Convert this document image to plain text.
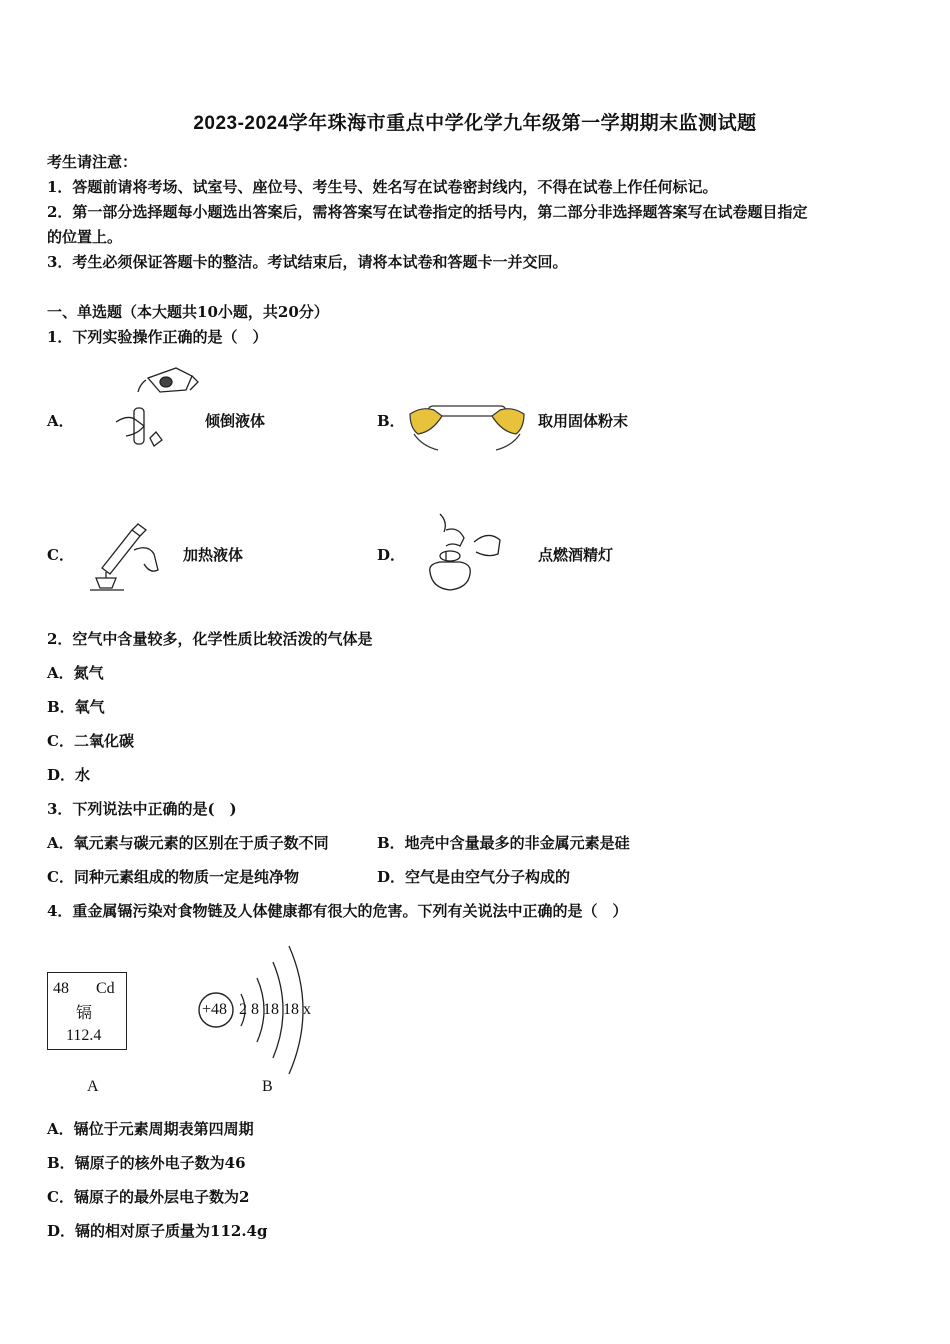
2023-2024学年珠海市重点中学化学九年级第一学期期末监测试题
考生请注意：
1．答题前请将考场、试室号、座位号、考生号、姓名写在试卷密封线内，不得在试卷上作任何标记。
2．第一部分选择题每小题选出答案后，需将答案写在试卷指定的括号内，第二部分非选择题答案写在试卷题目指定
的位置上。
3．考生必须保证答题卡的整洁。考试结束后，请将本试卷和答题卡一并交回。
一、单选题（本大题共10小题，共20分）
1．下列实验操作正确的是（　）
A．	倾倒液体	B．	取用固体粉末
C．	加热液体	D．	点燃酒精灯
2．空气中含量较多，化学性质比较活泼的气体是
A．氮气
B．氧气
C．二氧化碳
D．水
3．下列说法中正确的是(　)
A．氧元素与碳元素的区别在于质子数不同	B．地壳中含量最多的非金属元素是硅
C．同种元素组成的物质一定是纯净物	D．空气是由空气分子构成的
4．重金属镉污染对食物链及人体健康都有很大的危害。下列有关说法中正确的是（　）
48 Cd
镉
112.4
+48 2 8 18 18 x
A	B
A．镉位于元素周期表第四周期
B．镉原子的核外电子数为46
C．镉原子的最外层电子数为2
D．镉的相对原子质量为112.4g
